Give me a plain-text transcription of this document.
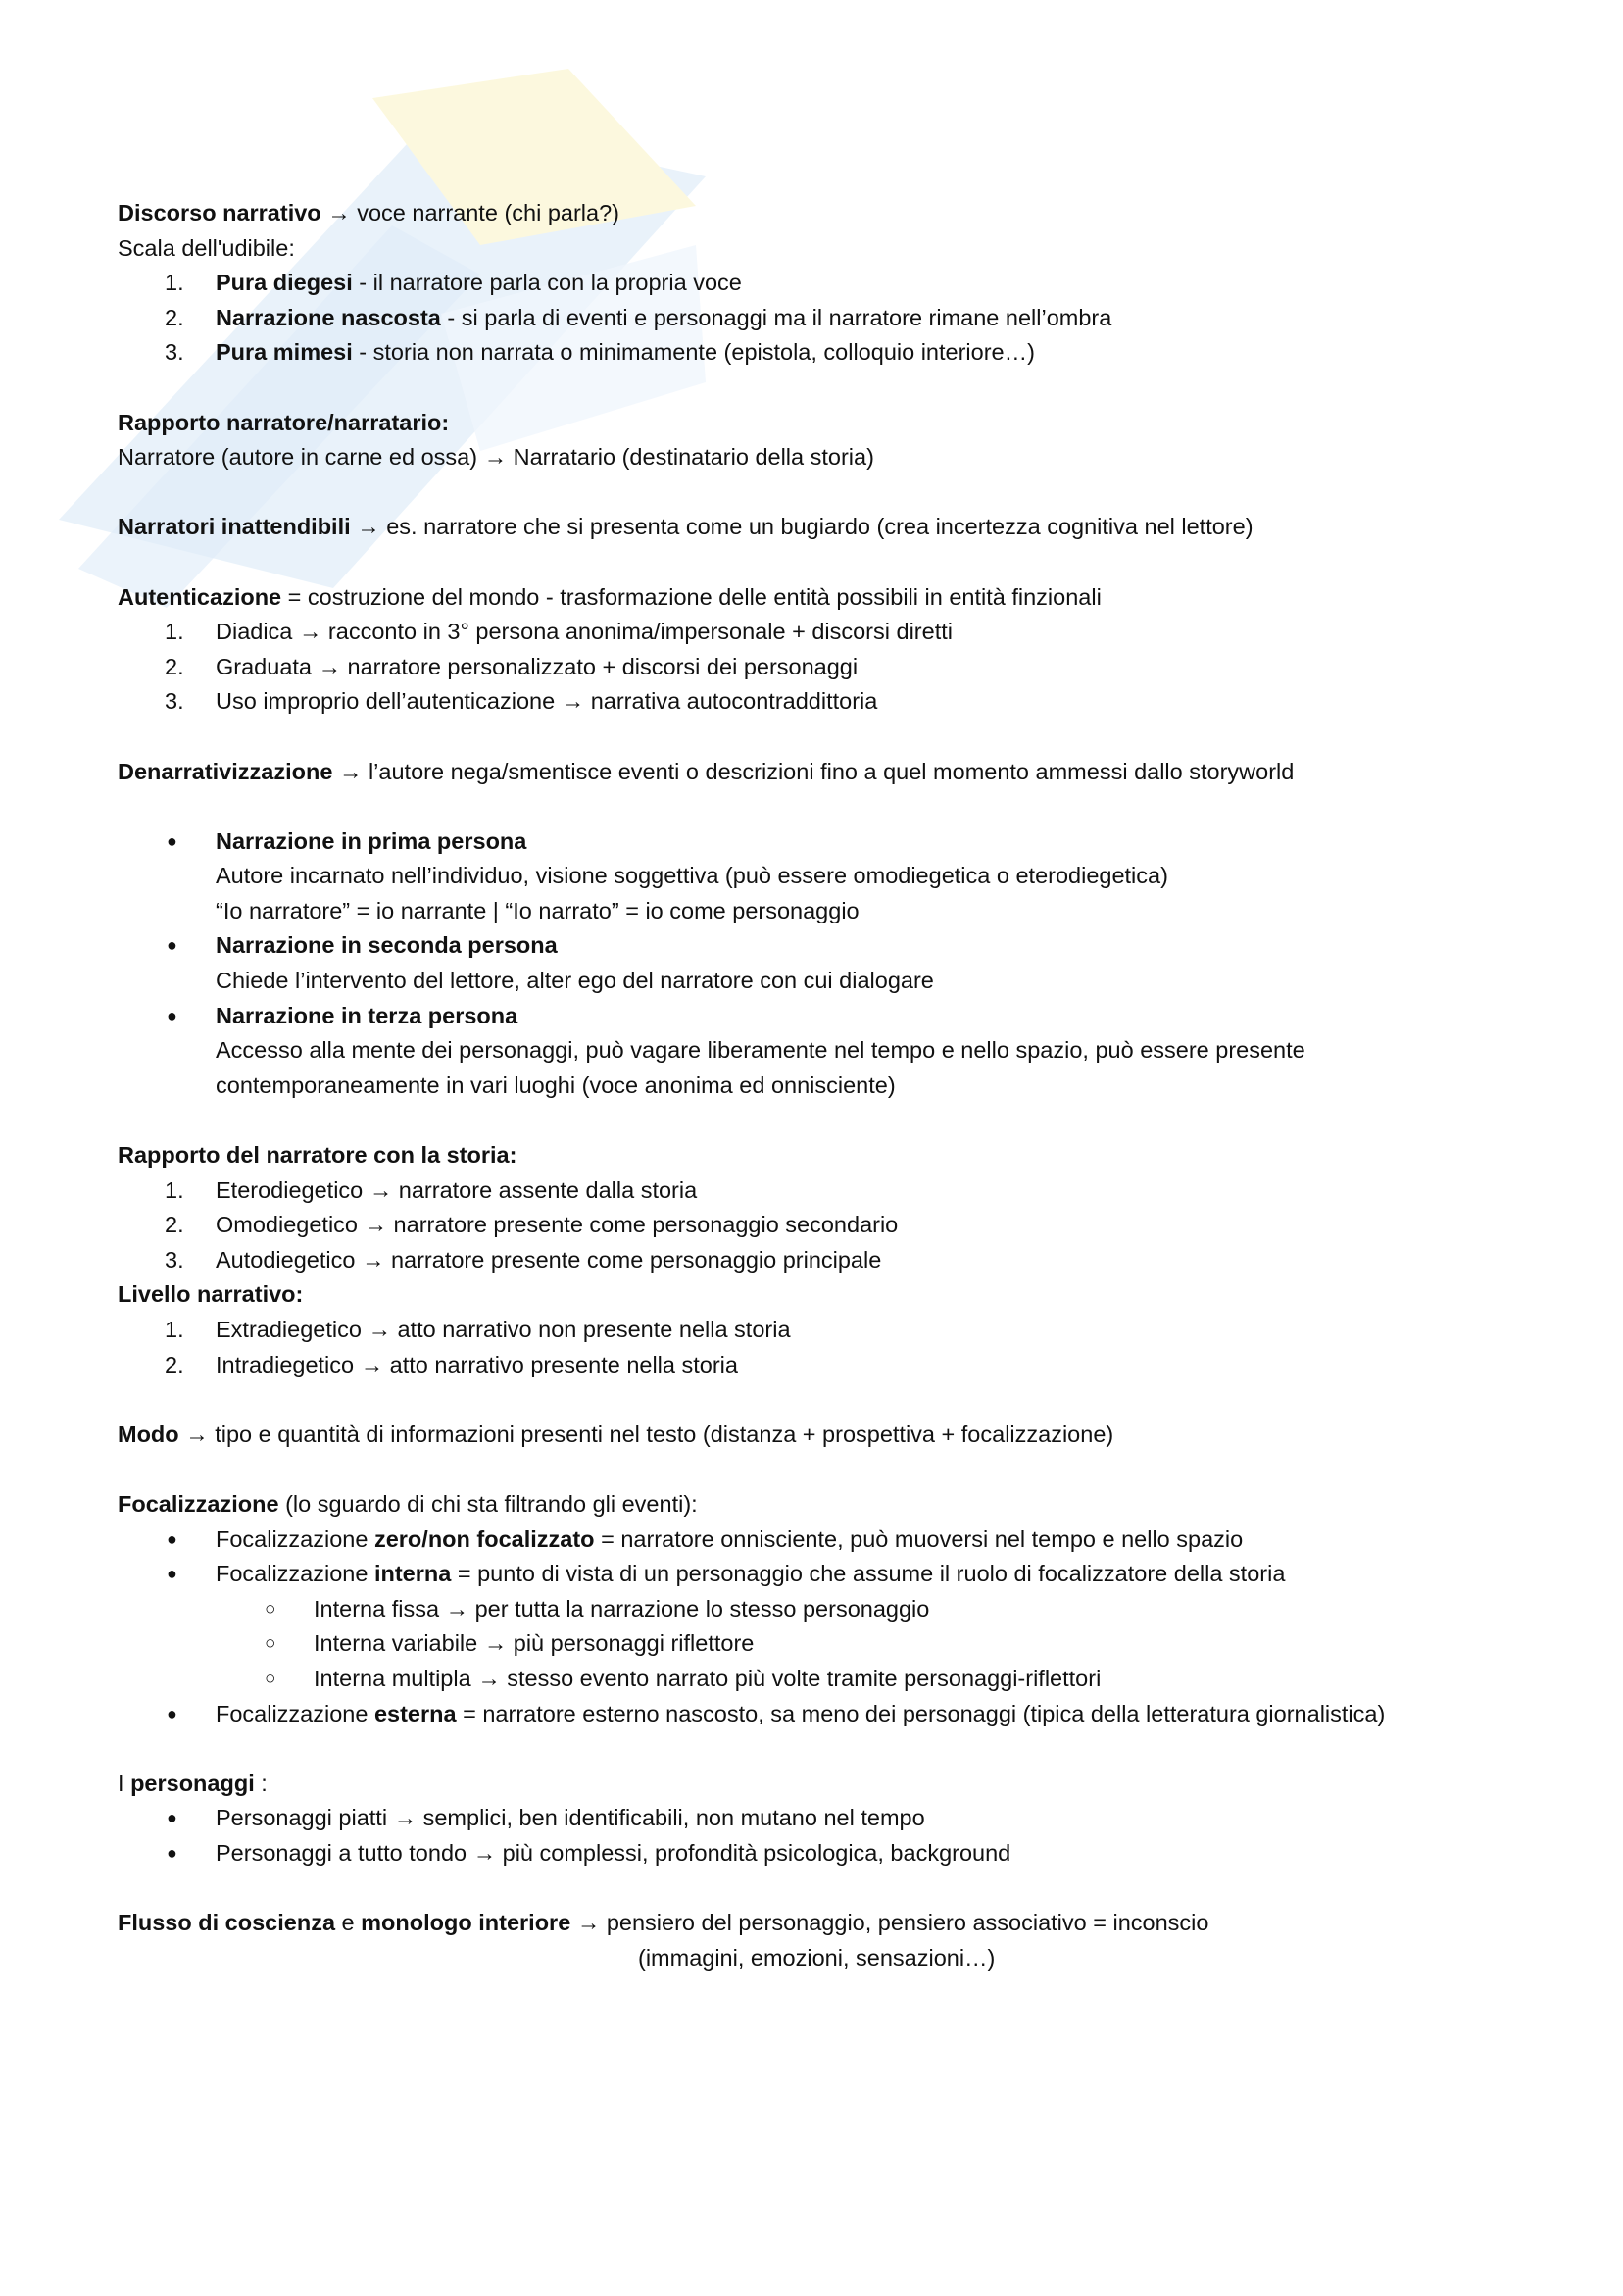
Discorso narrativo → voce narrante (chi parla?)
Scala dell'udibile:
1. Pura diegesi - il narratore parla con la propria voce
2. Narrazione nascosta - si parla di eventi e personaggi ma il narratore rimane nell’ombra
3. Pura mimesi - storia non narrata o minimamente (epistola, colloquio interiore…)
Rapporto narratore/narratario:
Narratore (autore in carne ed ossa) → Narratario (destinatario della storia)
Narratori inattendibili → es. narratore che si presenta come un bugiardo (crea incertezza cognitiva nel lettore)
Autenticazione = costruzione del mondo - trasformazione delle entità possibili in entità finzionali
1. Diadica → racconto in 3° persona anonima/impersonale + discorsi diretti
2. Graduata → narratore personalizzato + discorsi dei personaggi
3. Uso improprio dell’autenticazione → narrativa autocontraddittoria
Denarrativizzazione → l’autore nega/smentisce eventi o descrizioni fino a quel momento ammessi dallo storyworld
● Narrazione in prima persona
Autore incarnato nell’individuo, visione soggettiva (può essere omodiegetica o eterodiegetica)
“Io narratore” = io narrante | “Io narrato” = io come personaggio
● Narrazione in seconda persona
Chiede l’intervento del lettore, alter ego del narratore con cui dialogare
● Narrazione in terza persona
Accesso alla mente dei personaggi, può vagare liberamente nel tempo e nello spazio, può essere presente
contemporaneamente in vari luoghi (voce anonima ed onnisciente)
Rapporto del narratore con la storia:
1. Eterodiegetico → narratore assente dalla storia
2. Omodiegetico → narratore presente come personaggio secondario
3. Autodiegetico → narratore presente come personaggio principale
Livello narrativo:
1. Extradiegetico → atto narrativo non presente nella storia
2. Intradiegetico → atto narrativo presente nella storia
Modo → tipo e quantità di informazioni presenti nel testo (distanza + prospettiva + focalizzazione)
Focalizzazione (lo sguardo di chi sta filtrando gli eventi):
● Focalizzazione zero/non focalizzato = narratore onnisciente, può muoversi nel tempo e nello spazio
● Focalizzazione interna = punto di vista di un personaggio che assume il ruolo di focalizzatore della storia
○ Interna fissa → per tutta la narrazione lo stesso personaggio
○ Interna variabile → più personaggi riflettore
○ Interna multipla → stesso evento narrato più volte tramite personaggi-riflettori
● Focalizzazione esterna = narratore esterno nascosto, sa meno dei personaggi (tipica della letteratura giornalistica)
I personaggi :
● Personaggi piatti → semplici, ben identificabili, non mutano nel tempo
● Personaggi a tutto tondo → più complessi, profondità psicologica, background
Flusso di coscienza e monologo interiore → pensiero del personaggio, pensiero associativo = inconscio
(immagini, emozioni, sensazioni…)
